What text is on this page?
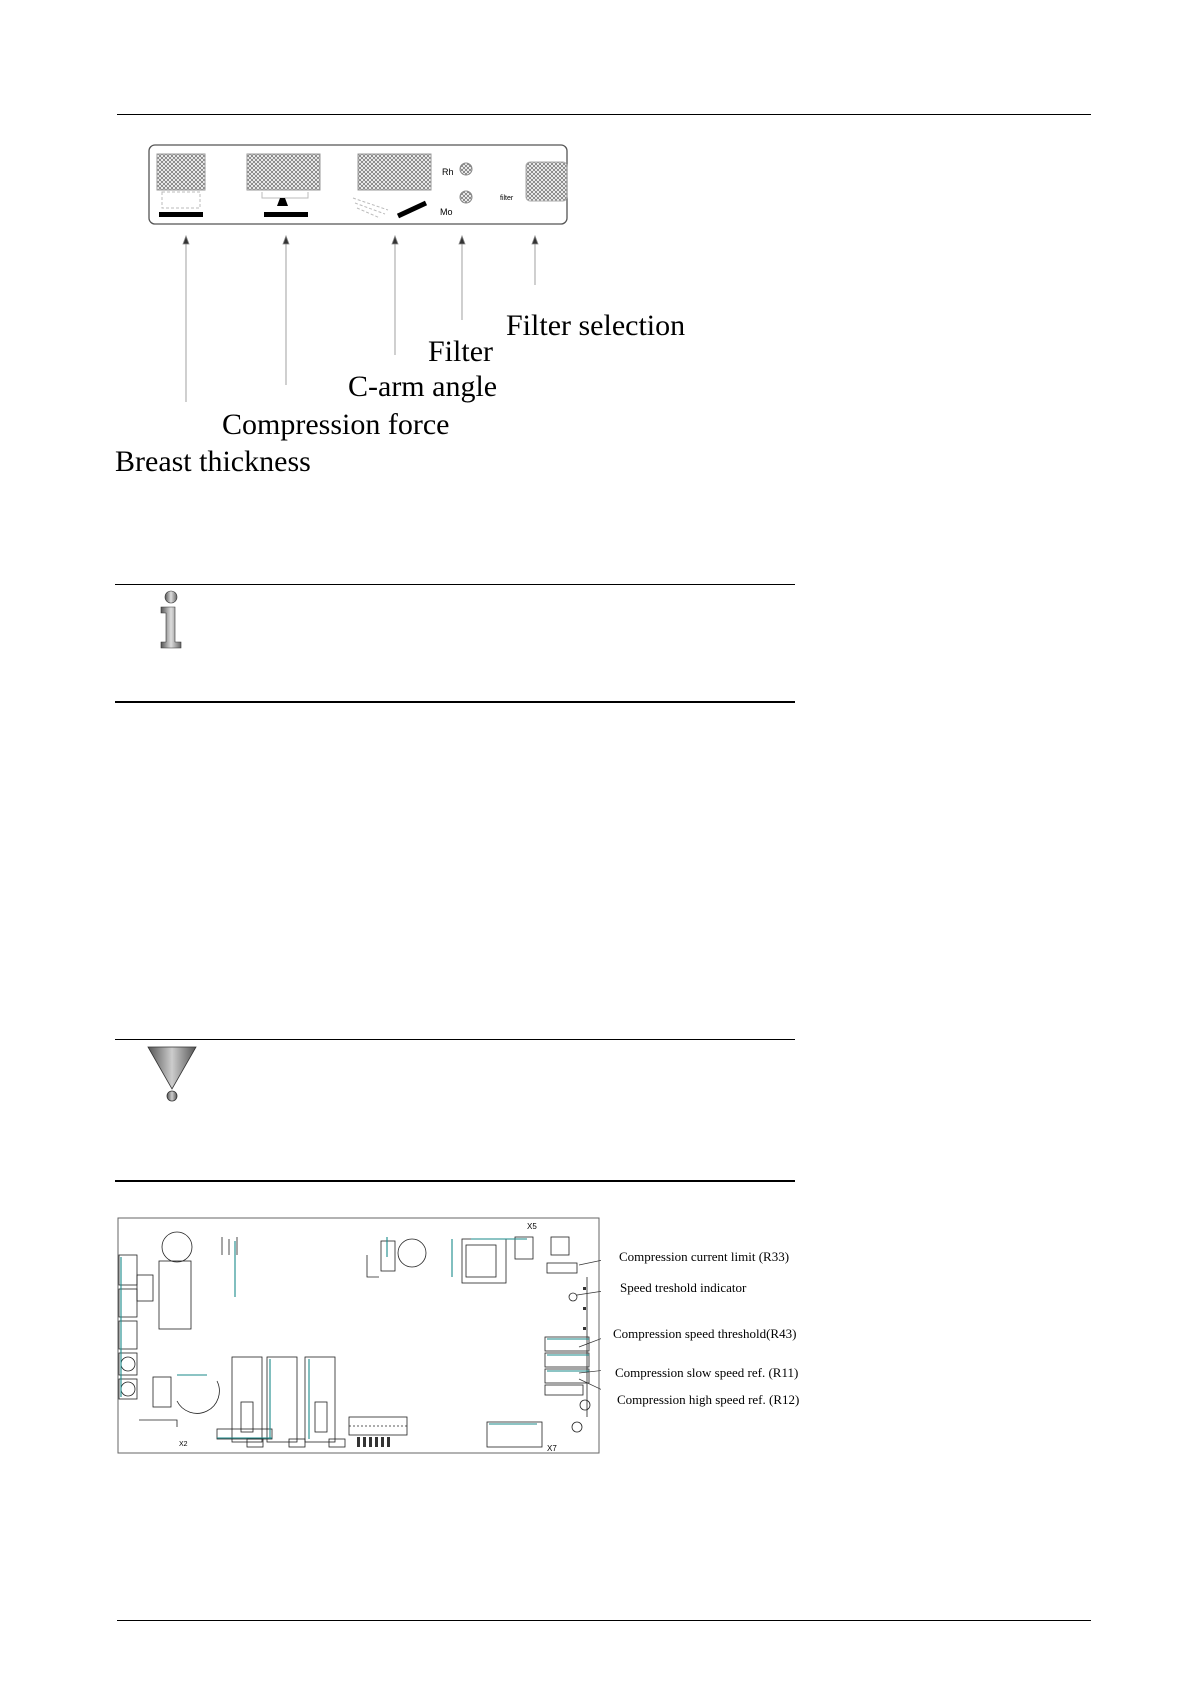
Rh
Mo
filter
Filter selection
Filter
C-arm angle
Compression force
Breast thickness
X5
X7
X2
Compression current limit (R33)
Speed treshold indicator
Compression speed threshold(R43)
Compression slow speed ref. (R11)
Compression high speed ref. (R12)
